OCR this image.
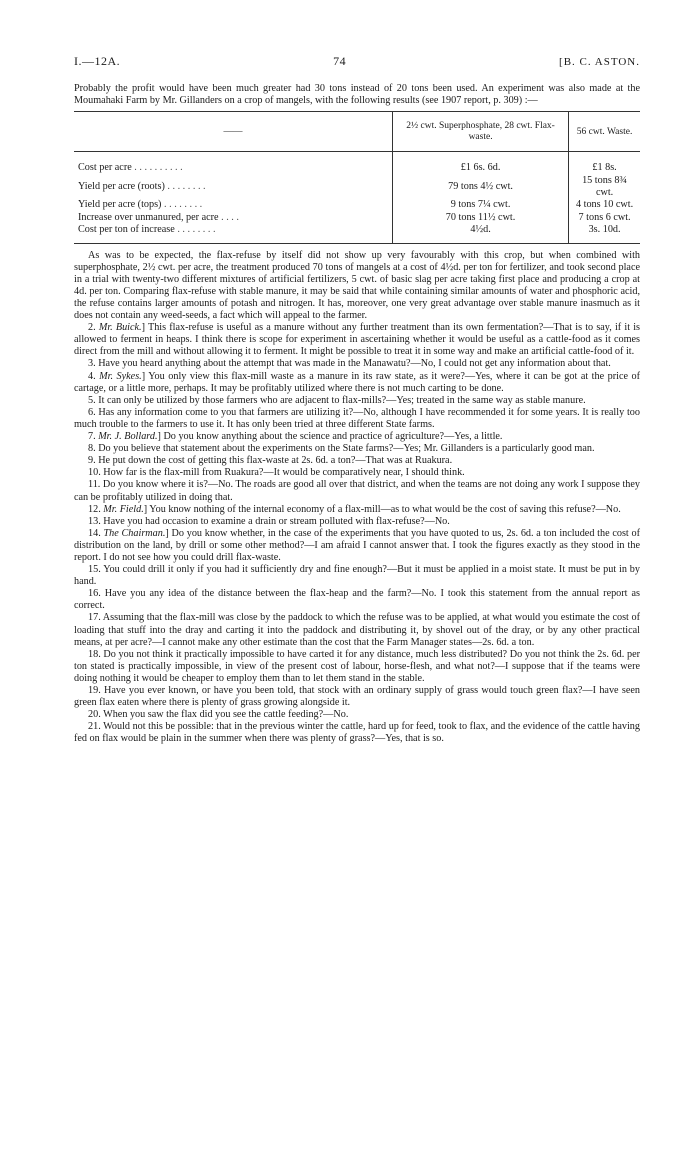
I.—12A.	74	[B. C. ASTON.

Probably the profit would have been much greater had 30 tons instead of 20 tons been used. An experiment was also made at the Moumahaki Farm by Mr. Gillanders on a crop of mangels, with the following results (see 1907 report, p. 309) :—

——	2½ cwt. Superphosphate, 28 cwt. Flax-waste.	56 cwt. Waste.
Cost per acre . . . . . . . . . .	£1 6s. 6d.	£1 8s.
Yield per acre (roots) . . . . . . . .	79 tons 4½ cwt.	15 tons 8¾ cwt.
Yield per acre (tops) . . . . . . . .	9 tons 7¼ cwt.	4 tons 10 cwt.
Increase over unmanured, per acre . . . .	70 tons 11½ cwt.	7 tons 6 cwt.
Cost per ton of increase . . . . . . . .	4½d.	3s. 10d.

As was to be expected, the flax-refuse by itself did not show up very favourably with this crop, but when combined with superphosphate, 2½ cwt. per acre, the treatment produced 70 tons of mangels at a cost of 4½d. per ton for fertilizer, and took second place in a trial with twenty-two different mixtures of artificial fertilizers, 5 cwt. of basic slag per acre taking first place and producing a crop at 4d. per ton. Comparing flax-refuse with stable manure, it may be said that while containing similar amounts of water and phosphoric acid, the refuse contains larger amounts of potash and nitrogen. It has, moreover, one very great advantage over stable manure inasmuch as it does not contain any weed-seeds, a fact which will appeal to the farmer.

2. Mr. Buick.] This flax-refuse is useful as a manure without any further treatment than its own fermentation?—That is to say, if it is allowed to ferment in heaps. I think there is scope for experiment in ascertaining whether it would be useful as a cattle-food as it comes direct from the mill and without allowing it to ferment. It might be possible to treat it in some way and make an artificial cattle-food of it.

3. Have you heard anything about the attempt that was made in the Manawatu?—No, I could not get any information about that.

4. Mr. Sykes.] You only view this flax-mill waste as a manure in its raw state, as it were?—Yes, where it can be got at the price of cartage, or a little more, perhaps. It may be profitably utilized where there is not much carting to be done.

5. It can only be utilized by those farmers who are adjacent to flax-mills?—Yes; treated in the same way as stable manure.

6. Has any information come to you that farmers are utilizing it?—No, although I have recommended it for some years. It is really too much trouble to the farmers to use it. It has only been tried at three different State farms.

7. Mr. J. Bollard.] Do you know anything about the science and practice of agriculture?—Yes, a little.

8. Do you believe that statement about the experiments on the State farms?—Yes; Mr. Gillanders is a particularly good man.

9. He put down the cost of getting this flax-waste at 2s. 6d. a ton?—That was at Ruakura.

10. How far is the flax-mill from Ruakura?—It would be comparatively near, I should think.

11. Do you know where it is?—No. The roads are good all over that district, and when the teams are not doing any work I suppose they can be profitably utilized in doing that.

12. Mr. Field.] You know nothing of the internal economy of a flax-mill—as to what would be the cost of saving this refuse?—No.

13. Have you had occasion to examine a drain or stream polluted with flax-refuse?—No.

14. The Chairman.] Do you know whether, in the case of the experiments that you have quoted to us, 2s. 6d. a ton included the cost of distribution on the land, by drill or some other method?—I am afraid I cannot answer that. I took the figures exactly as they stood in the report. I do not see how you could drill flax-waste.

15. You could drill it only if you had it sufficiently dry and fine enough?—But it must be applied in a moist state. It must be put in by hand.

16. Have you any idea of the distance between the flax-heap and the farm?—No. I took this statement from the annual report as correct.

17. Assuming that the flax-mill was close by the paddock to which the refuse was to be applied, at what would you estimate the cost of loading that stuff into the dray and carting it into the paddock and distributing it, by shovel out of the dray, or by any other practical means, at per acre?—I cannot make any other estimate than the cost that the Farm Manager states—2s. 6d. a ton.

18. Do you not think it practically impossible to have carted it for any distance, much less distributed? Do you not think the 2s. 6d. per ton stated is practically impossible, in view of the present cost of labour, horse-flesh, and what not?—I suppose that if the teams were doing nothing it would be cheaper to employ them than to let them stand in the stable.

19. Have you ever known, or have you been told, that stock with an ordinary supply of grass would touch green flax?—I have seen green flax eaten where there is plenty of grass growing alongside it.

20. When you saw the flax did you see the cattle feeding?—No.

21. Would not this be possible: that in the previous winter the cattle, hard up for feed, took to flax, and the evidence of the cattle having fed on flax would be plain in the summer when there was plenty of grass?—Yes, that is so.
